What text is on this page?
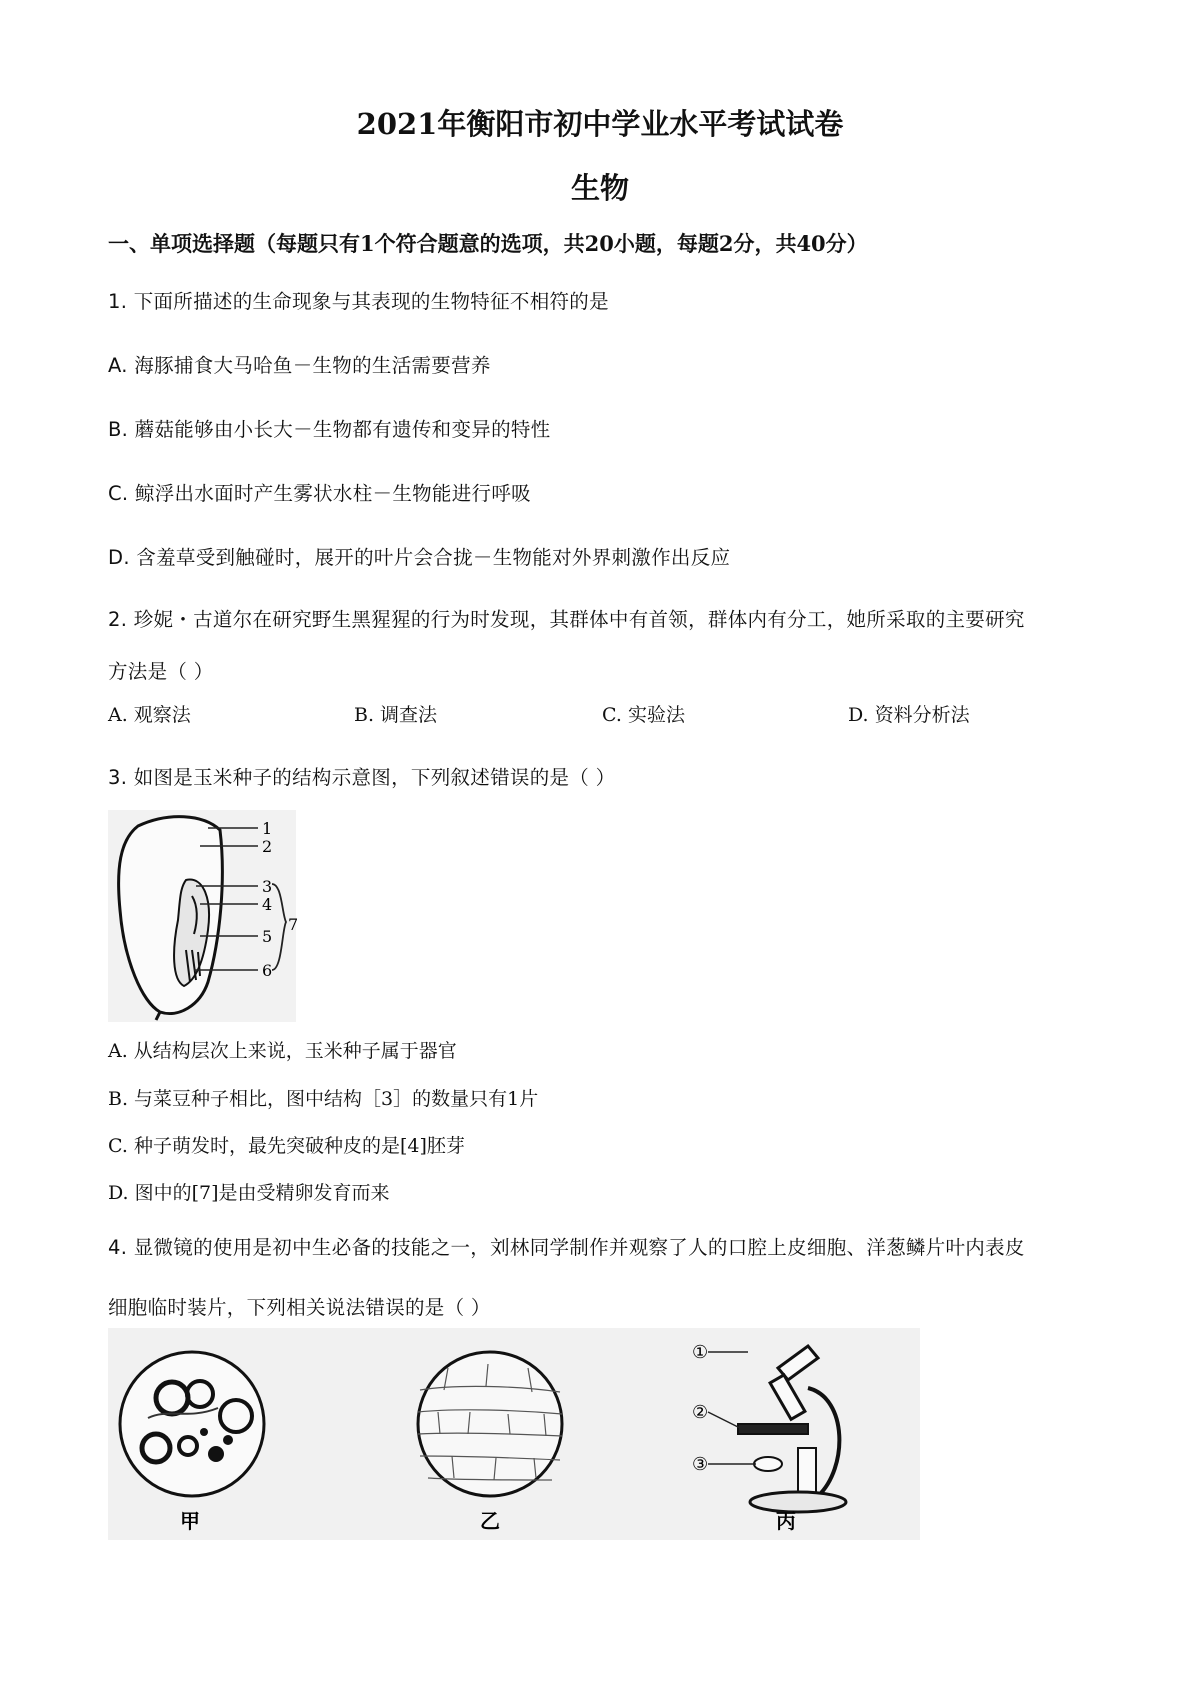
2021年衡阳市初中学业水平考试试卷
生物
一、单项选择题（每题只有1个符合题意的选项，共20小题，每题2分，共40分）
1. 下面所描述的生命现象与其表现的生物特征不相符的是
A. 海豚捕食大马哈鱼－生物的生活需要营养
B. 蘑菇能够由小长大－生物都有遗传和变异的特性
C. 鲸浮出水面时产生雾状水柱－生物能进行呼吸
D. 含羞草受到触碰时，展开的叶片会合拢－生物能对外界刺激作出反应
2. 珍妮・古道尔在研究野生黑猩猩的行为时发现，其群体中有首领，群体内有分工，她所采取的主要研究
方法是（ ）
A. 观察法	B. 调查法	C. 实验法	D. 资料分析法
3. 如图是玉米种子的结构示意图，下列叙述错误的是（ ）
1
2
3
4
5
6
7
A. 从结构层次上来说，玉米种子属于器官
B. 与菜豆种子相比，图中结构［3］的数量只有1片
C. 种子萌发时，最先突破种皮的是[4]胚芽
D. 图中的[7]是由受精卵发育而来
4. 显微镜的使用是初中生必备的技能之一，刘林同学制作并观察了人的口腔上皮细胞、洋葱鳞片叶内表皮
细胞临时装片，下列相关说法错误的是（ ）
甲	乙
①
②
③
丙
